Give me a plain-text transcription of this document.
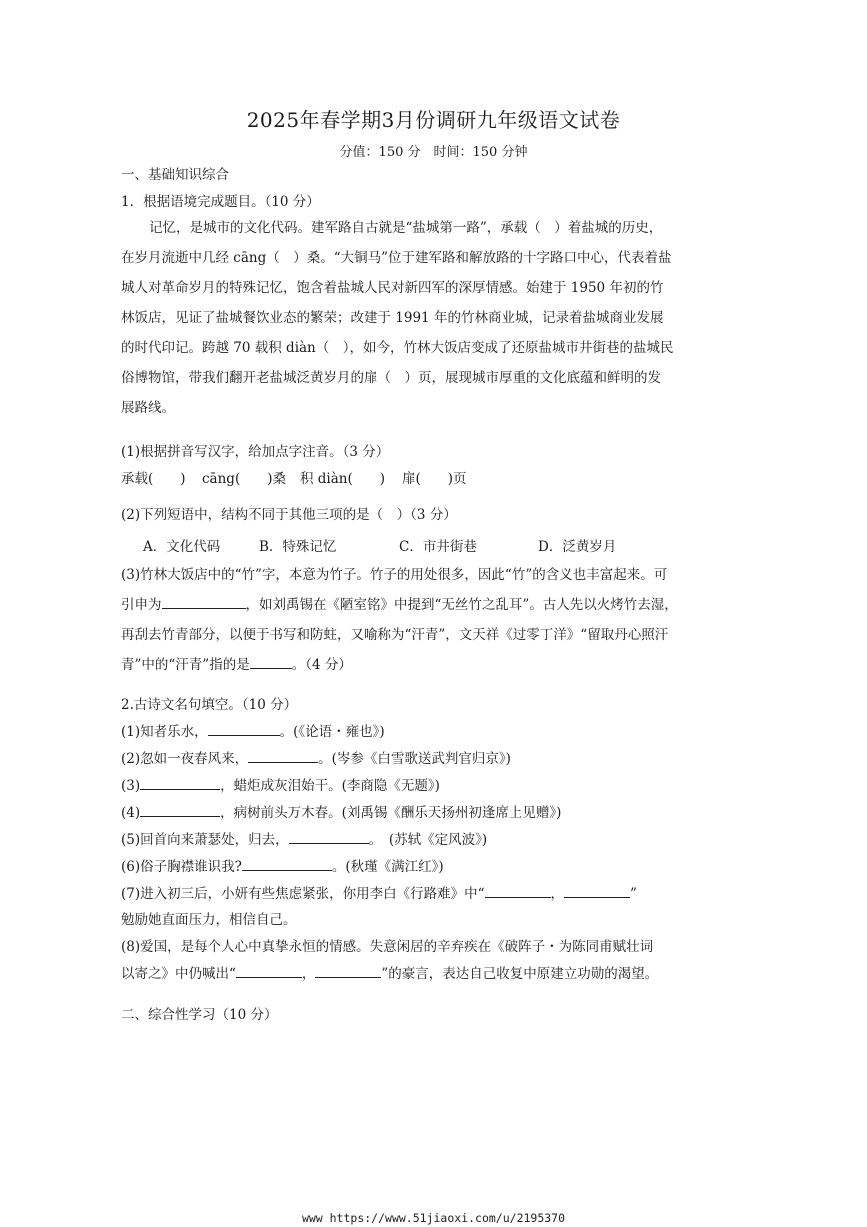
2025年春学期3月份调研九年级语文试卷
分值：150 分　时间：150 分钟
一、基础知识综合
1．根据语境完成题目。（10 分）

记忆，是城市的文化代码。建军路自古就是“盐城第一路”，承载（　）着盐城的历史，

在岁月流逝中几经 cāng（　）桑。“大铜马”位于建军路和解放路的十字路口中心，代表着盐

城人对革命岁月的特殊记忆，饱含着盐城人民对新四军的深厚情感。始建于 1950 年初的竹

林饭店，见证了盐城餐饮业态的繁荣；改建于 1991 年的竹林商业城，记录着盐城商业发展

的时代印记。跨越 70 载积 diàn（　），如今，竹林大饭店变成了还原盐城市井街巷的盐城民

俗博物馆，带我们翻开老盐城泛黄岁月的扉（　）页，展现城市厚重的文化底蕴和鲜明的发

展路线。

(1)根据拼音写汉字，给加点字注音。（3 分）
承载(　　) cāng(　　)桑 积 diàn(　　) 扉(　　)页
(2)下列短语中，结构不同于其他三项的是（　）（3 分）
A．文化代码	B．特殊记忆	C．市井街巷	D．泛黄岁月

(3)竹林大饭店中的“竹”字，本意为竹子。竹子的用处很多，因此“竹”的含义也丰富起来。可

引申为	，如刘禹锡在《陋室铭》中提到“无丝竹之乱耳”。古人先以火烤竹去湿，

再刮去竹青部分，以便于书写和防蛀，又喻称为“汗青”，文天祥《过零丁洋》“留取丹心照汗

青”中的“汗青”指的是	。（4 分）

2.古诗文名句填空。（10 分）
(1)知者乐水，	。(《论语・雍也》)
(2)忽如一夜春风来，	。(岑参《白雪歌送武判官归京》)
(3)	，蜡炬成灰泪始干。(李商隐《无题》)
(4)	，病树前头万木春。(刘禹锡《酬乐天扬州初逢席上见赠》)
(5)回首向来萧瑟处，归去，	。　(苏轼《定风波》)
(6)俗子胸襟谁识我?	。(秋瑾《满江红》)
(7)进入初三后，小妍有些焦虑紧张，你用李白《行路难》中“	，	”
勉励她直面压力，相信自己。
(8)爱国，是每个人心中真挚永恒的情感。失意闲居的辛弃疾在《破阵子・为陈同甫赋壮词
以寄之》中仍喊出“	，	”的豪言，表达自己收复中原建立功勋的渴望。
二、综合性学习（10 分）
www https://www.51jiaoxi.com/u/2195370
